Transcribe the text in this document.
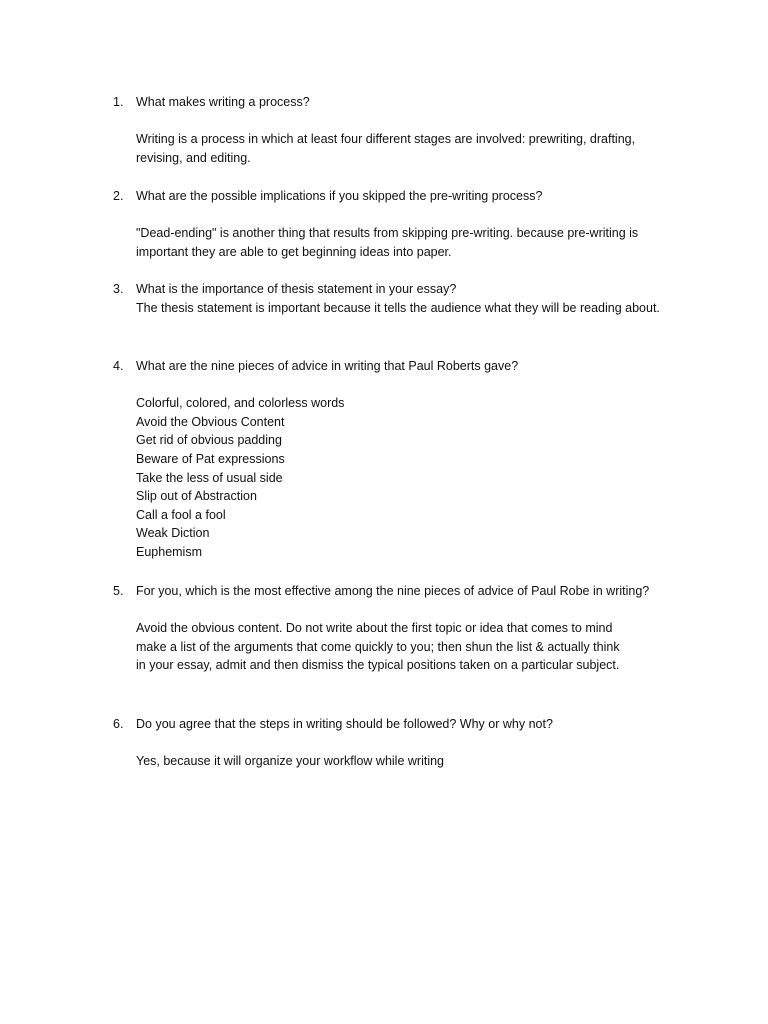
1. What makes writing a process?
Writing is a process in which at least four different stages are involved: prewriting, drafting,
revising, and editing.
2. What are the possible implications if you skipped the pre-writing process?
"Dead-ending" is another thing that results from skipping pre-writing. because pre-writing is
important they are able to get beginning ideas into paper.
3. What is the importance of thesis statement in your essay?
The thesis statement is important because it tells the audience what they will be reading about.
4. What are the nine pieces of advice in writing that Paul Roberts gave?
Colorful, colored, and colorless words
Avoid the Obvious Content
Get rid of obvious padding
Beware of Pat expressions
Take the less of usual side
Slip out of Abstraction
Call a fool a fool
Weak Diction
Euphemism
5. For you, which is the most effective among the nine pieces of advice of Paul Robe in writing?
Avoid the obvious content. Do not write about the first topic or idea that comes to mind
make a list of the arguments that come quickly to you; then shun the list & actually think
in your essay, admit and then dismiss the typical positions taken on a particular subject.
6. Do you agree that the steps in writing should be followed? Why or why not?
Yes, because it will organize your workflow while writing
